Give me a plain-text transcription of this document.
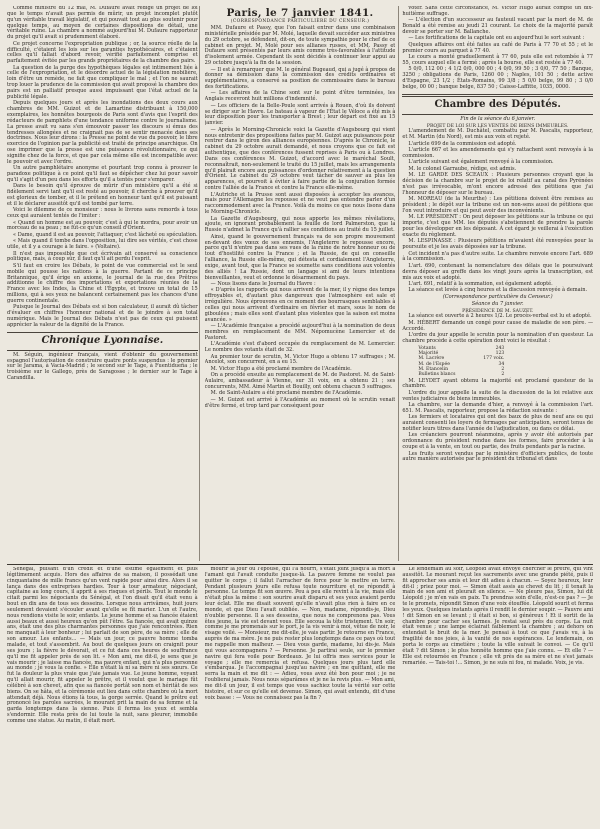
Comme ministre du 12 mai, M. Dufaure avait rédigé un projet de loi que le temps n'avait pas permis de mûrir, un projet incomplet plutôt qu'un véritable travail législatif, et qui pouvait tout au plus soutenir pour quelque temps, au moyen de certaines dispositions de détail, une véritable ruine. La chambre a nommé aujourd'hui M. Dufaure rapporteur du projet qu'il avait si prudemment élaboré.

Ce projet concerne l'expropriation publique ; or, la source réelle de la difficulté, c'étaient les lois sur les garanties hypothécaires, et c'étaient celles qu'il fallait d'abord revoir, vérifié parfaitement comprise et parfaitement évitée par les grands propriétaires de la chambre des pairs.

La question de la purge des hypothèques légales est intimement liée à celle de l'expropriation, et le désordre actuel de la législation mobilière, loin d'être un remède, ne fait que compliquer le mal ; et l'on ne saurait trop louer la prudence de la commission qui avait proposé la chambre des pairs est un palliatif presque aussi impuissant que l'état actuel de la publicité légale.

Depuis quelques jours et après les inondations des deux cours aux chambres de MM. Guizot et de Lamartine distribuant à 150,000 exemplaires, les honnêtes bourgeois de Paris sont d'avis que l'esprit des rédacteurs de pamphlets d'une tendance uniforme contre le journalisme. La presse avait vu sans s'en émouvoir passer les discours si émus des tendresses allongées et ne craignait pas de se sentir menacée dans ses doctrines. Nous leur dirons : la Presse ne point de vue du pouvoir, le libre exercice de l'opinion par la publicité est traité de principe anarchique. On ose imprimer que la presse est une puissance révolutionnaire, ce qui signifie chez de la force, et que par cela même elle est incompatible avec le pouvoir et avec l'ordre.

Un autre pamphlétaire anonyme et pourtant trop connu à prouver le paradoxe politique à ce point qu'il faut se dépêcher chez lui pour savoir qu'il s'agit d'un peu dans les efforts qu'il a tentés pour s'emparer.

Dans le besoin qu'il éprouve de mûrir d'un ministère qu'il a été si fidèlement servi tant qu'il est resté au pouvoir, il cherche à prouver qu'il est glorieux de tomber, et il le prétend en honneur tant qu'il est puissant et il le déclarer aussitôt qu'il est tombé par terre.

Voici le dilemme de ce monsieur : nous le livrons sans remords à tous ceux qui auraient tentés de l'imiter :

« Quand un homme est au pouvoir, c'est à qui le mordra, pour avoir un morceau de sa peau ; ne fût-ce qu'un conseil d'Orient.

« Dame, quand il est au pouvoir, l'attaquer, c'est lâcheté ou spéculation.

« Mais quand il tombe dans l'opposition, lui dire ses vérités, c'est chose utile, et il y a courage à le faire. » (Voltaire).

Il n'est pas impossible que cet écrivain ait conservé sa conscience politique, mais, à coup sûr, il faut qu'il ait perdu l'esprit.

S'il faut en croire les Débats, le point de vue commercial est le seul mobile qui pousse les nations à la guerre. Partant de ce principe Britannique, qu'il érige en axiome, le journal de la rue des Prêtres additionne le chiffre des importations et exportations réunies de la France avec les Indes, la Chine et l'Égypte, et trouve un total de 15 millions, qui à ses yeux ne balancent certainement pas les chances d'une guerre continentale.

Puisque le Journal des Débats est si bon calculateur, il aurait dû tâcher d'évaluer en chiffres l'honneur national et de le joindre à son total numérique. Mais le Journal des Débats n'est pas de ceux qui puissent apprécier la valeur de la dignité de la France.

Chronique Lyonnaise.

M. Séguin, ingénieur français, vient d'obtenir du gouvernement espagnol l'autorisation de construire quatre ponts suspendus : le premier sur le Jarama, à Vacia-Madrid ; le second sur le Tage, à Fuentidueña ; le troisième sur le Gallego, près de Saragosse ; le dernier sur le Tage à Carandilla.

Paris, le 7 janvier 1841.
(CORRESPONDANCE PARTICULIÈRE DU CENSEUR.)

MM. Dufaure et Passy, que l'on faisait entrer dans une combinaison ministérielle présidée par M. Molé, laquelle devait succéder aux ministres du 29 octobre, se défendent, dit-on, de toute sympathie pour le chef de ce cabinet en projet. M. Molé pour ses allianes russes, et MM. Passy et Dufaure sont présentés par leurs amis comme très-favorables à l'attitude d'isolement armée. Cependant ils sont décidés à continuer leur appui au 29 octobre jusqu'à la fin de la session.

— Il est à remarquer que M. le général Bugeaud, qui a jugé à propos de donner sa démission dans la commission des crédits ordinaires et supplémentaires, a conservé sa position de commissaire dans le bureau des fortifications.

— Les affaires de la Chine sont sur le point d'être terminées, les Anglais recevront huit millions d'indemnité.

— Les officiers de la Belle-Poule sont arrivés à Rouen, d'où ils doivent se diriger sur le Havre. Le bateau à vapeur de l'État le Véloce a été mis à leur disposition pour les transporter à Brest ; leur départ est fixé au 15 janvier.

— Après le Morning-Chronicle voici la Gazette d'Augsbourg qui vient nous entretenir des propositions faites par M. Guizot aux puissances pour rentrer dans le giron des alliances européennes. D'après le Chronicle, le cabinet du 29 octobre aurait demandé, et nous croyons que ce fait est authentique, que des conférences fussent reprises à Paris ou à Londres. Dans ces conférences M. Guizot, d'accord avec le maréchal Soult, reconnaîtrait, non-seulement le traité du 15 juillet, mais les arrangements qu'il plairait encore aux puissances d'ordonner relativement à la question d'Orient. Le cabinet du 29 octobre veut tâcher de sauver au plus les apparences, et pourvoit à éviter à faire partie de la conjuration formée contre l'alliée de la France et contre la France elle-même.

L'Autriche et la Prusse sont aussi disposées à accepter les avances, mais pour l'Allemagne les repousse et ne veut pas entendre parler d'un raccommodement avec la France. Voilà du moins ce que nous lisons dans le Morning-Chronicle.

La Gazette d'Augsbourg, qui nous apporte les mêmes révélations, ajoute, en ignorant probablement la feuille de lord Palmerston, que la Russie n'admet la France qu'à rallier ses conditions au traité du 15 juillet.

Ainsi, quand le gouvernement français va de son propre mouvement en-devant des vœux de ses ennemis, l'Angleterre le repousse encore, parce qu'il n'entre pas dans ses vues de la ruine de notre honneur ou de tout d'hostilité contre la France ; et la Russie, de qui on conseille l'alliance, la Russie elle-même, qui détesta et cordialement l'Angleterre, exige, avant tout, que la France se soumette sans conditions aux volontés des alliés ! La Russie, dont un langage si ami de leurs intentions bienveillantes, veut et ordonne le désarmement du pays.

— Nous lisons dans le Journal du Havre :

« D'après les rapports qui nous arrivent de la mer, il y règne des temps effroyables et, d'autant plus dangereux que l'atmosphère est sale et irrégulière. Nous éprouvons en ce moment des bourrasques semblables à celles qui nous arrivent d'ordinaire en février et mars, sous le nom de giboulées ; mais elles sont d'autant plus violentes que la saison est moins avancée. »

— L'Académie française a procédé aujourd'hui à la nomination de deux membres en remplacement de MM. Népomucène Lemercier et de Pastoret.

L'Académie s'est d'abord occupée du remplacement de M. Lemercier. Le nombre des votants était de 32.

Au premier tour de scrutin, M. Victor Hugo a obtenu 17 suffrages ; M. Ancelot, son concurrent, en a eu 15.

M. Victor Hugo a été proclamé membre de l'Académie.

On a procédé ensuite au remplacement de M. de Pastoret. M. de Saint-Aulaire, ambassadeur à Vienne, sur 31 voix, en a obtenu 21 ; ses concurrents, MM. Aimé Martin et Bouilly, ont obtenu chacun 5 suffrages.

M. de Saint-Aulaire a été proclamé membre de l'Académie.

— M. Guizot est arrivé à l'Académie au moment où le scrutin venait d'être fermé, et trop tard par conséquent pour

voter. Sans cette circonstance, M. Victor Hugo aurait compté un dix-huitième suffrage.

— L'élection d'un successeur au fauteuil vacant par la mort de M. de Bonald a été remise au jeudi 21 courant. Le choix de la majorité paraît devoir se porter sur M. Ballanche.

— Les fortifications de la capitale ont eu aujourd'hui le sort suivant :

Quelques affaires ont été faites au café de Paris à 77 70 et 55 ; et le premier cours au parquet à 77 40.

Le cours a monté graduellement à 77 60, puis elle est retombée à 77 55, cours auquel elle a fermé ; après la bourse, elle est restée à 77 40.

5 0/0, 112 00 ; 4 1/2 0/0, 000 00 ; 4 0/0, 99 50 ; 3 0/0, 77 50 ; Banque, 3250 ; obligations de Paris, 1260 00 ; Naples, 101 50 ; dette active d'Espagne, 23 1/2 ; États-Romains, 99 3/8 ; 5 0/0 belge, 99 80 ; 3 0/0 belge, 00 00 ; banque belge, 837 50 ; Caisse-Laffitte, 1035, 0000.

Chambre des Députés.
Fin de la séance du 6 janvier.
PROJET DE LOI SUR LES VENTES DE BIENS IMMEUBLES.

L'amendement de M. Duchâtel, combattu par M. Pascalis, rapporteur, et M. Martin (du Nord), est mis aux voix et rejeté.

L'article 699 de la commission est adopté.

L'article 667 et les amendements qui s'y rattachent sont renvoyés à la commission.

L'article suivant est également renvoyé à la commission.

M. le colonel Garraube, rédige, est admis.

M. LE GARDE DES SCEAUX : Plusieurs personnes croyant que la décision de la chambre sur le projet de loi relatif au canal des Pyrénées n'est pas irrévocable, m'ont encore adressé des pétitions que j'ai l'honneur de déposer sur le bureau.

M. MOREAU (de la Meurthe) : Les pétitions doivent être remises au président ; le dépôt sur la tribune est un non-sens aussi de pétitions que l'on veut introduire et qui peut avoir des inconvénients.

M. LE PRÉSIDENT : On peut déposer les pétitions sur la tribune ce qui importe, c'est que MM. les députés s'abstiennent de prendre la parole pour les développer en les déposant. À cet égard je veillerai à l'exécution exacte du règlement.

M. LESPINASSE : Plusieurs pétitions m'avaient été renvoyées pour la poursuite et je les avais déposées sur la tribune.

Cet incident n'a pas d'autre suite. Le chambre renvoie encore l'art. 689 à la commission.

L'art. 690, contenant la nomenclature des délais que le poursuivant devra déposer au greffe dans les vingt jours après la transcription, est mis aux voix et adopté.

L'art. 691, relatif à la sommation, est également adopté.

La séance est levée à cinq heures et la discussion renvoyée à demain.

(Correspondance particulière du Censeur.)
Séance du 7 janvier.
PRÉSIDENCE DE M. SAUZET.

La séance est ouverte à 2 heures 1/2. Le procès-verbal est lu et adopté.

M. HÉBERT demande un congé pour cause de maladie de son père. — Accordé.

L'ordre du jour appelle le scrutin pour la nomination d'un questeur. La chambre procède à cette opération dont voici le résultat :

Votants	243
Majorité	123
M. Lacrère	177 voix.
M. de l'Espée	34
M. Etancelin	2
Bulletins blancs	2

M. LEYDET ayant obtenu la majorité est proclamé questeur de la chambre.

L'ordre du jour appelle la suite de la discussion de la loi relative aux ventes judiciaires de biens immeubles.

La chambre, sur la demande d'hier, a renvoyé à la commission l'art. 651. M. Pascalis, rapporteur, propose la rédaction suivante :

Les fermiers et locataires qui ont des baux de plus de neuf ans ou qui auraient consenti les loyers de fermages par anticipation, seront tenus de notifier leurs titres dans l'année de l'adjudication, ou dans ce délai.

Les créanciers pourront néanmoins, après y avoir été autorisés par ordonnance du président rendue dans les formes, faire procéder à la coupe et à la vente, en tout ou partie, des fruits pendants par la racine.

Les fruits seront vendus par le ministère d'officiers publics, de toute autre manière autorisée par le président du tribunal et dans

Sénégal, puisant d'un crédit et d'une estime également et plus légitimement acquis. Hors des affaires de sa maison, il possédait une cinquantaine de mille francs qu'un vent rapide pour ainsi dire. Alors il se lança dans des entreprises hardies. Tour à tour armateur, négociant, capitaine au long cours, il apprit à ses risques et périls. Tout le monde le citait parmi les négociants du Sénégal, et l'on disait qu'il était venu à bout en dix ans de tous ses desseins. Lorsque nous arrivâmes, huit jours seulement devaient s'écouler avant qu'elle se fît marier. L'un et l'autre, nous rendions visite le soir, enfants. Le jeune homme et sa fiancée étaient aussi beaux et aussi heureux qu'on pût l'être. Sa fiancée, qui avait quinze ans, était une des plus charmantes personnes que j'aie rencontrées. Rien ne manquait à leur bonheur ; lui parlait de son père, de sa mère ; elle de son amour. Les enfants... — Mais un jour, ce pauvre homme tomba malade, et tout s'assombrit. Au bout de quelques jours on craignit pour ses jours ; la fièvre le dévorait, et ce fut dans ces heures de souffrance qu'il me fit appeler près de son lit. « Mon ami, me dit-il, je sens que je vais mourir ; je laisse ma fiancée, ma pauvre enfant, qui n'a plus personne au monde ; je vous la confie. » Elle n'était là ni sa mère ni ses sœurs. Ce fut la douleur la plus vraie que j'aie jamais vue. Le jeune homme, voyant qu'il allait mourir, fit appeler le prêtre, et il voulut que le mariage fût célébré à son chevet, afin que sa fiancée portât son nom et héritât de ses biens. On se hâta, et la cérémonie eut lieu dans cette chambre où la mort attendait déjà. Nous étions là tous, la gorge serrée. Quand le prêtre eut prononcé les paroles sacrées, le mourant prit la main de sa femme et la garda longtemps dans la sienne. Puis il ferma les yeux et sembla s'endormir. Elle resta près de lui toute la nuit, sans pleurer, immobile comme une statue. Au matin, il était mort.

mourir la jour où l'épouse, qui l'a nourri, s'était joint jusqu'à la mort à l'amant qui l'avait conduite jusque-là. La pauvre femme ne voulut pas quitter le corps ; il fallut l'arracher de force pour le mettre en terre. Pendant plusieurs jours elle refusa toute nourriture et ne répondit à personne. Le temps fit son œuvre. Peu à peu elle revint à la vie, mais elle n'était plus la même : son sourire avait disparu et ses yeux avaient perdu leur éclat. Elle me disait souvent qu'elle n'avait plus rien à faire en ce monde, et que Dieu l'avait oubliée. — Non, madame, répondis-je, Dieu n'oublie personne. Il a ses desseins, que nous ne comprenons pas. Vous êtes jeune, la vie est devant vous. Elle secoua la tête tristement. Un soir, comme je me promenais sur le port, je la vis venir à moi, vêtue de noir, le visage voilé. — Monsieur, me dit-elle, je vais partir. Je retourne en France, auprès de ma mère. Je ne puis rester plus longtemps dans ce pays où tout me rappelle mon malheur. — Dieu vous garde, madame, lui dis-je. Mais qui vous accompagnera ? — Personne. Je partirai seule, sur le premier navire qui fera voile pour Bordeaux. Je lui offris mes services pour le voyage ; elle me remercia et refusa. Quelques jours plus tard elle s'embarqua. Je l'accompagnai jusqu'au navire ; en me quittant, elle me serra la main et me dit : — Adieu, vous avez été bon pour moi ; je ne l'oublierai jamais. Nous nous séparâmes et je ne la revis plus. — Mon ami, me dit-il un jour, il est temps que vous sachiez toute la vérité sur cette histoire, et sur ce qu'elle est devenue. Simon, qui avait entendu, dit d'une voix basse : — Vous ne connaissez pas la fin ?

Le lendemain au soir, Léopold avait envoyé chercher le prêtre, qui vint aussitôt. Le mourant reçut les sacrements avec une grande piété, puis il fit approcher ses amis et leur dit adieu à chacun. — Soyez heureux, leur dit-il ; priez pour moi. — Simon était assis au chevet du lit ; il tenait la main de son ami et pleurait en silence. — Ne pleure pas, Simon, lui dit Léopold ; je m'en vais en paix. Tu prendras soin d'elle, n'est-ce pas ? — Je te le promets, répondit Simon d'une voix étouffée. Léopold sourit et ferma les yeux. Quelques instants après il rendit le dernier soupir. — Pauvre ami ! dit Simon en se levant ; il était si bon, si généreux ! Et il sortit de la chambre pour cacher ses larmes. Je restai seul près du corps. La nuit était venue ; une lampe éclairait faiblement la chambre ; au dehors on entendait le bruit de la mer. Je pensai à tout ce que j'avais vu, à la fragilité de nos joies, à la vanité de nos espérances. Le lendemain, on porta le corps au cimetière ; toute la ville suivait le convoi. — Ce qu'il était ? dit Simon ; le plus honnête homme que j'aie connu. — Et elle ? — Elle est retournée en France ; elle vit près de sa mère et ne s'est jamais remariée. — Tais-toi !... Simon, je ne suis ni fou, ni malade. Voix, je vis.
